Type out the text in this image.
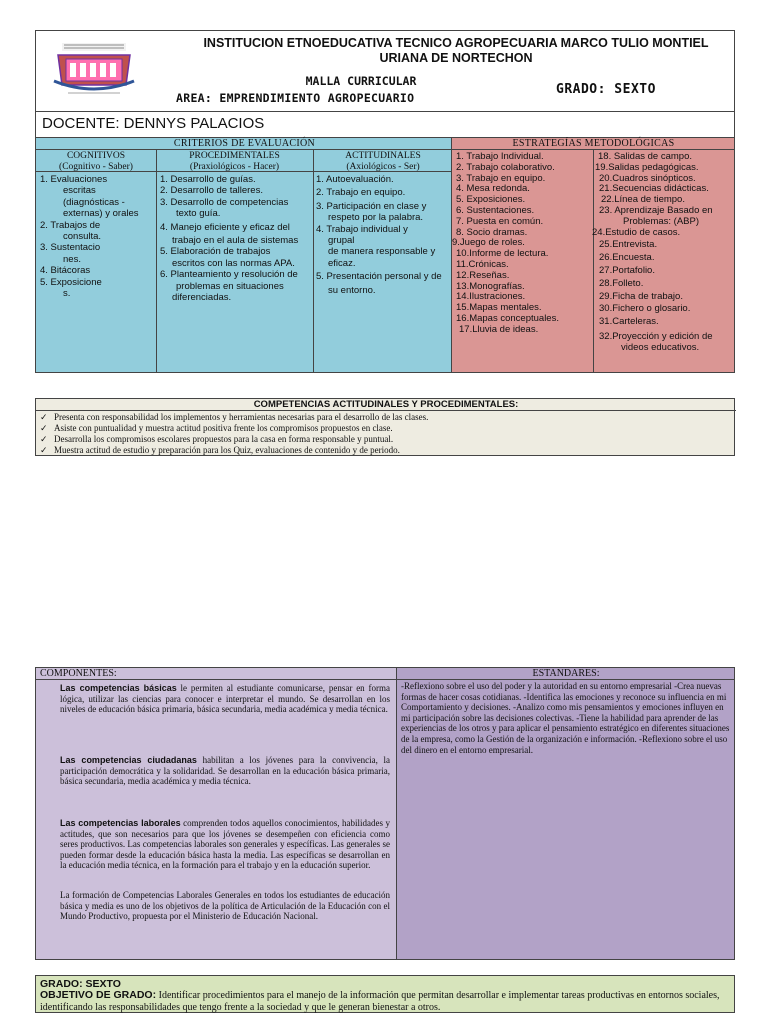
INSTITUCION ETNOEDUCATIVA TECNICO AGROPECUARIA MARCO TULIO MONTIEL
URIANA DE NORTECHON
MALLA CURRICULAR
AREA: EMPRENDIMIENTO AGROPECUARIO
GRADO: SEXTO
DOCENTE: DENNYS PALACIOS
CRITERIOS DE EVALUACIÓN
COGNITIVOS
(Cognitivo - Saber)
PROCEDIMENTALES
(Praxiológicos - Hacer)
ACTITUDINALES
(Axiológicos - Ser)
1. Evaluaciones
escritas
(diagnósticas -
externas) y orales
2. Trabajos de
consulta.
3. Sustentacio
nes.
4. Bitácoras
5. Exposicione
s.
1. Desarrollo de guías.
2. Desarrollo de talleres.
3. Desarrollo de competencias
texto guía.
4. Manejo eficiente y eficaz del
trabajo en el aula de sistemas
5. Elaboración de trabajos
escritos con las normas APA.
6. Planteamiento y resolución de
problemas en situaciones
diferenciadas.
1. Autoevaluación.
2. Trabajo en equipo.
3. Participación en clase y
respeto por la palabra.
4. Trabajo individual y
grupal
de manera responsable y
eficaz.
5. Presentación personal y de
su entorno.
ESTRATEGÍAS METODOLÓGICAS
1. Trabajo Individual.
2. Trabajo colaborativo.
3. Trabajo en equipo.
4. Mesa redonda.
5. Exposiciones.
6. Sustentaciones.
7. Puesta en común.
8. Socio dramas.
9.Juego de roles.
10.Informe de lectura.
11.Crónicas.
12.Reseñas.
13.Monografías.
14.Ilustraciones.
15.Mapas mentales.
16.Mapas conceptuales.
17.Lluvia de ideas.
18. Salidas de campo.
19.Salidas pedagógicas.
20.Cuadros sinópticos.
21.Secuencias didácticas.
22.Línea de tiempo.
23. Aprendizaje Basado en
Problemas: (ABP)
24.Estudio de casos.
25.Entrevista.
26.Encuesta.
27.Portafolio.
28.Folleto.
29.Ficha de trabajo.
30.Fichero o glosario.
31.Carteleras.
32.Proyección y edición de
videos educativos.
COMPETENCIAS ACTITUDINALES Y PROCEDIMENTALES:
✓ Presenta con responsabilidad los implementos y herramientas necesarias para el desarrollo de las clases.
✓ Asiste con puntualidad y muestra actitud positiva frente los compromisos propuestos en clase.
✓ Desarrolla los compromisos escolares propuestos para la casa en forma responsable y puntual.
✓ Muestra actitud de estudio y preparación para los Quiz, evaluaciones de contenido y de periodo.
COMPONENTES:
Las competencias básicas le permiten al estudiante comunicarse, pensar en forma lógica, utilizar las ciencias para conocer e interpretar el mundo. Se desarrollan en los niveles de educación básica primaria, básica secundaria, media académica y media técnica.
Las competencias ciudadanas habilitan a los jóvenes para la convivencia, la participación democrática y la solidaridad. Se desarrollan en la educación básica primaria, básica secundaria, media académica y media técnica.
Las competencias laborales comprenden todos aquellos conocimientos, habilidades y actitudes, que son necesarios para que los jóvenes se desempeñen con eficiencia como seres productivos. Las competencias laborales son generales y específicas. Las generales se pueden formar desde la educación básica hasta la media. Las específicas se desarrollan en la educación media técnica, en la formación para el trabajo y en la educación superior.
La formación de Competencias Laborales Generales en todos los estudiantes de educación básica y media es uno de los objetivos de la política de Articulación de la Educación con el Mundo Productivo, propuesta por el Ministerio de Educación Nacional.
ESTANDARES:
-Reflexiono sobre el uso del poder y la autoridad en su entorno empresarial -Crea nuevas formas de hacer cosas cotidianas. -Identifica las emociones y reconoce su influencia en mi Comportamiento y decisiones. -Analizo como mis pensamientos y emociones influyen en mi participación sobre las decisiones colectivas. -Tiene la habilidad para aprender de las experiencias de los otros y para aplicar el pensamiento estratégico en diferentes situaciones de la empresa, como la Gestión de la organización e información. -Reflexiono sobre el uso del dinero en el entorno empresarial.
GRADO: SEXTO
OBJETIVO DE GRADO: Identificar procedimientos para el manejo de la información que permitan desarrollar e implementar tareas productivas en entornos sociales, identificando las responsabilidades que tengo frente a la sociedad y que le generan bienestar a otros.
